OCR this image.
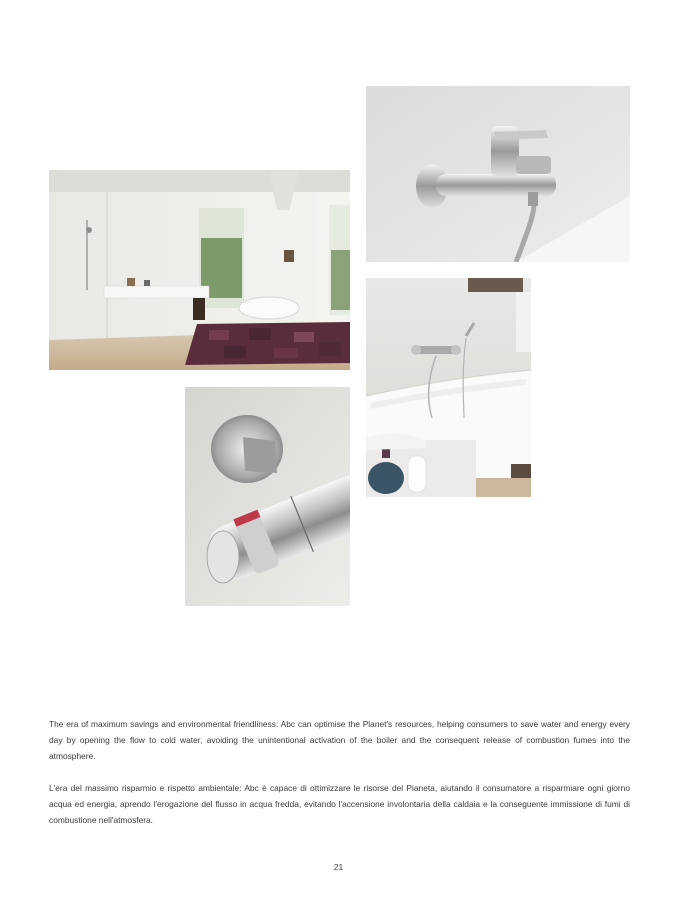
The era of maximum savings and environmental friendliness: Abc can optimise the Planet's resources, helping consumers to save water and energy every day by opening the flow to cold water, avoiding the unintentional activation of the boiler and the consequent release of combustion fumes into the atmosphere.
L'era del massimo risparmio e rispetto ambientale: Abc è capace di ottimizzare le risorse del Pianeta, aiutando il consumatore a risparmiare ogni giorno acqua ed energia, aprendo l'erogazione del flusso in acqua fredda, evitando l'accensione involontaria della caldaia e la conseguente immissione di fumi di combustione nell'atmosfera.
21
